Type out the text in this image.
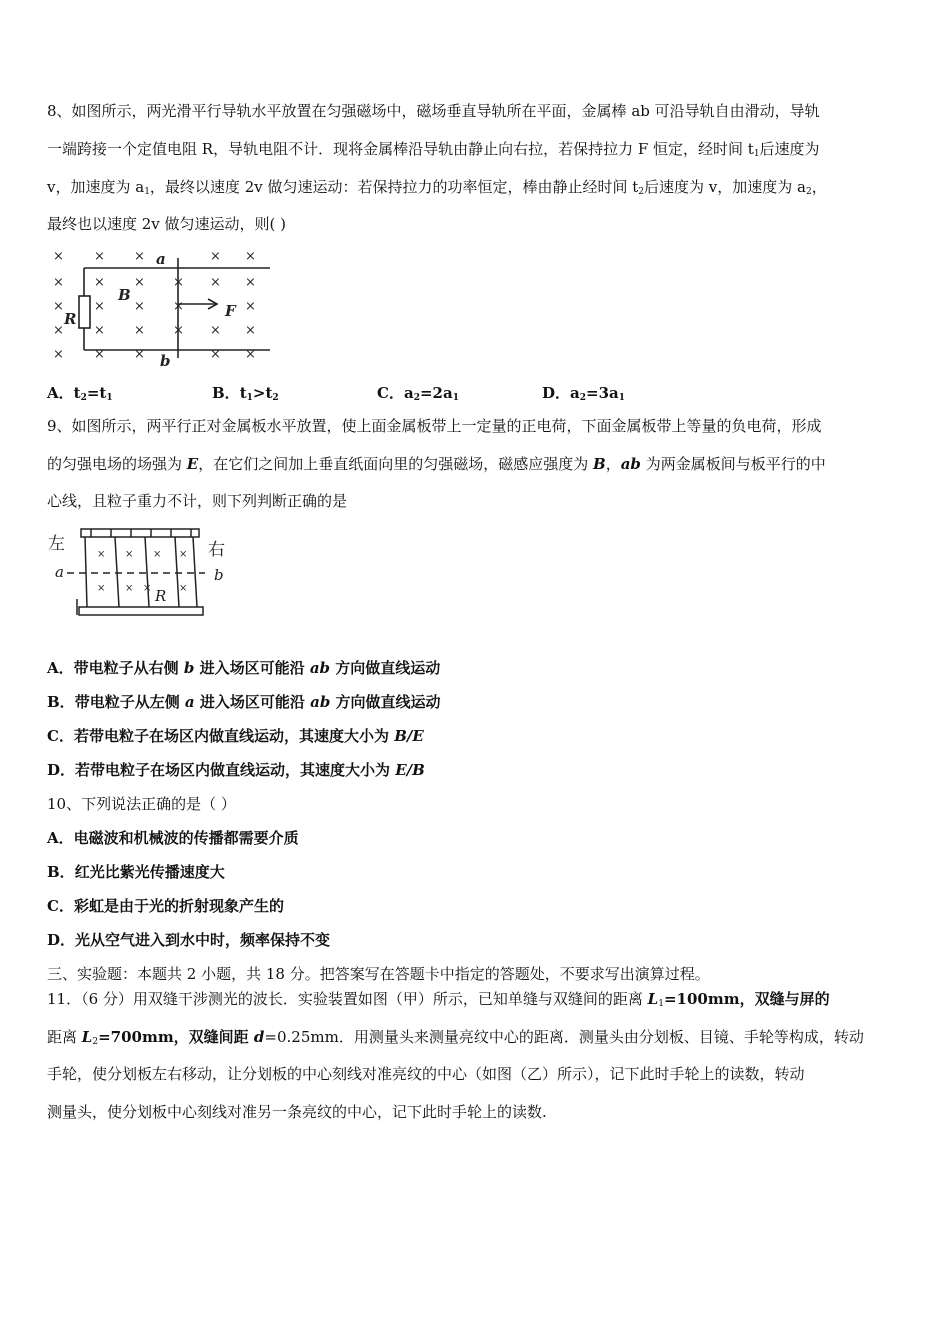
8、如图所示，两光滑平行导轨水平放置在匀强磁场中，磁场垂直导轨所在平面，金属棒 ab 可沿导轨自由滑动，导轨
一端跨接一个定值电阻 R，导轨电阻不计．现将金属棒沿导轨由静止向右拉，若保持拉力 F 恒定，经时间 $t_1$后速度为
v，加速度为 $a_1$，最终以速度 2v 做匀速运动：若保持拉力的功率恒定，棒由静止经时间 $t_2$后速度为 v，加速度为 $a_2$，
最终也以速度 2v 做匀速运动，则( )
× × ×	× ×
× × × × × ×
× × × ×	×
× × × × × ×
× × ×	× ×
a
b
B
R	F
A．$t_2=t_1$	B．$t_1>t_2$	C．$a_2=2a_1$	D．$a_2=3a_1$
9、如图所示，两平行正对金属板水平放置，使上面金属板带上一定量的正电荷，下面金属板带上等量的负电荷，形成
的匀强电场的场强为 E，在它们之间加上垂直纸面向里的匀强磁场，磁感应强度为 B，ab 为两金属板间与板平行的中
心线，且粒子重力不计，则下列判断正确的是
× × × ×
× × ×	×
左	右
a	b
R
A．带电粒子从右侧 b 进入场区可能沿 ab 方向做直线运动
B．带电粒子从左侧 a 进入场区可能沿 ab 方向做直线运动
C．若带电粒子在场区内做直线运动，其速度大小为 B/E
D．若带电粒子在场区内做直线运动，其速度大小为 E/B
10、下列说法正确的是（ ）
A．电磁波和机械波的传播都需要介质
B．红光比紫光传播速度大
C．彩虹是由于光的折射现象产生的
D．光从空气进入到水中时，频率保持不变
三、实验题：本题共 2 小题，共 18 分。把答案写在答题卡中指定的答题处，不要求写出演算过程。
11．（6 分）用双缝干涉测光的波长．实验装置如图（甲）所示，已知单缝与双缝间的距离 $L_1=100mm$，双缝与屏的
距离 $L_2=700mm$，双缝间距 d=0.25mm．用测量头来测量亮纹中心的距离．测量头由分划板、目镜、手轮等构成，转动
手轮，使分划板左右移动，让分划板的中心刻线对准亮纹的中心（如图（乙）所示），记下此时手轮上的读数，转动
测量头，使分划板中心刻线对准另一条亮纹的中心，记下此时手轮上的读数.
